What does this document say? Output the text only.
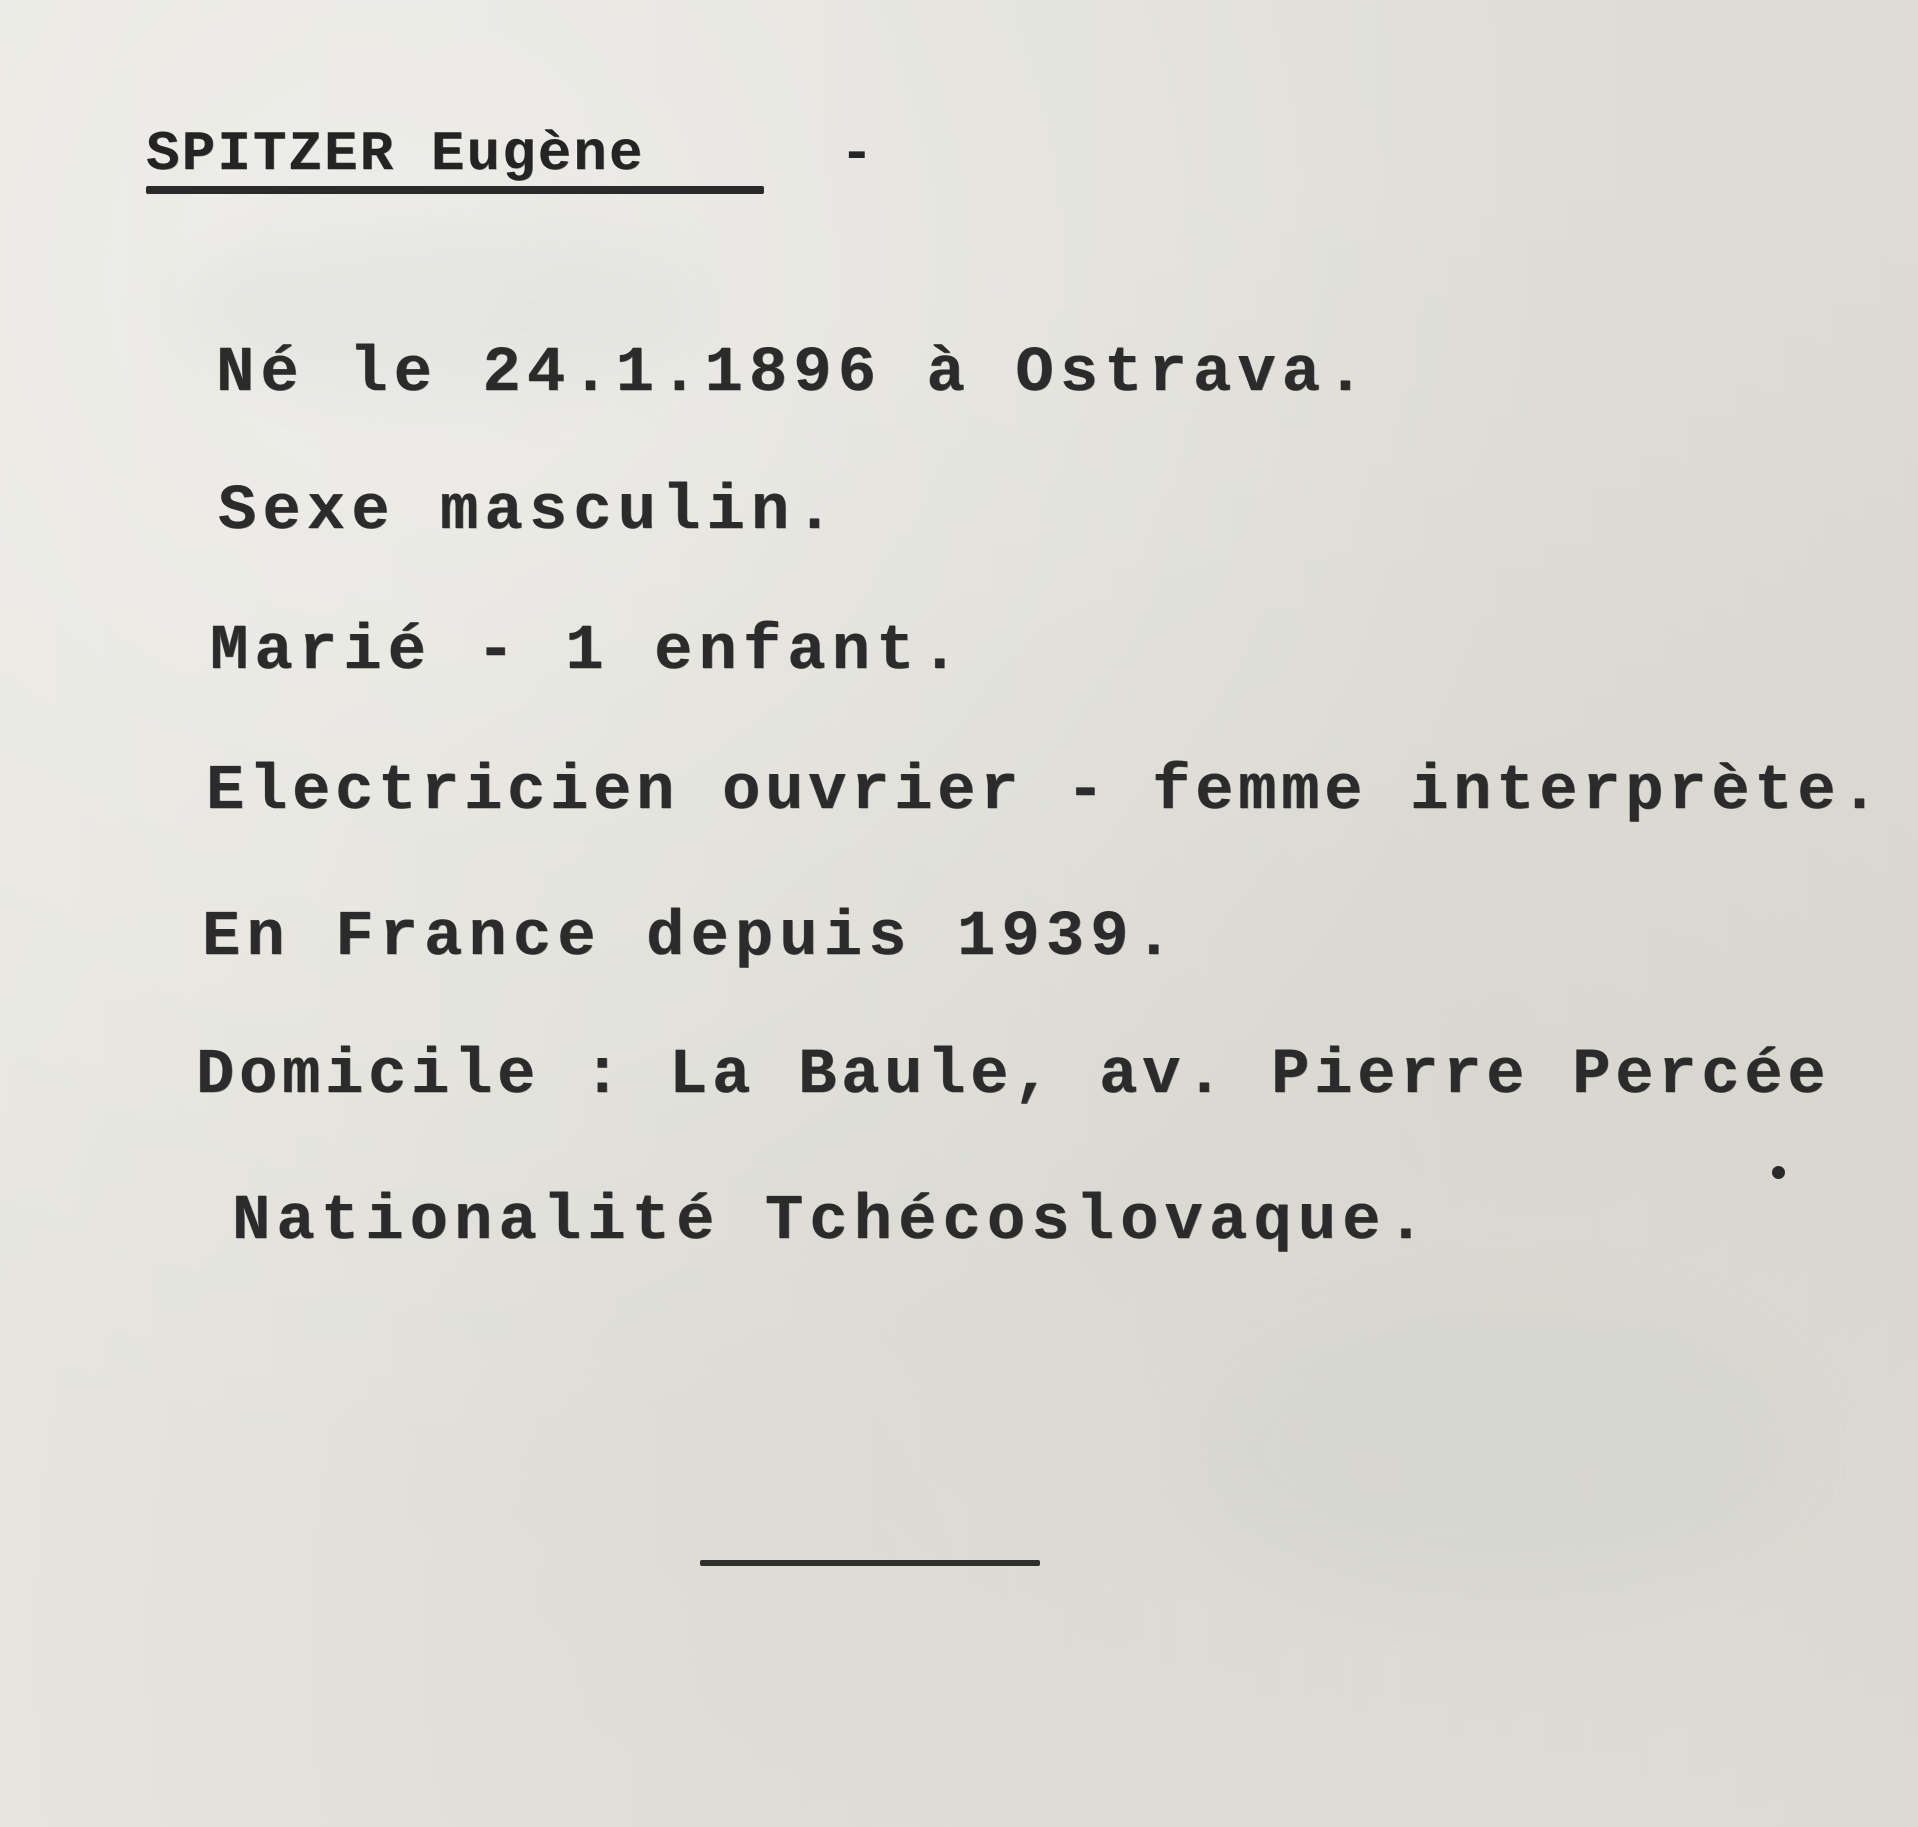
SPITZER Eugène	-
Né le 24.1.1896 à Ostrava.
Sexe masculin.
Marié - 1 enfant.
Electricien ouvrier - femme interprète.
En France depuis 1939.
Domicile : La Baule, av. Pierre Percée
Nationalité Tchécoslovaque.
